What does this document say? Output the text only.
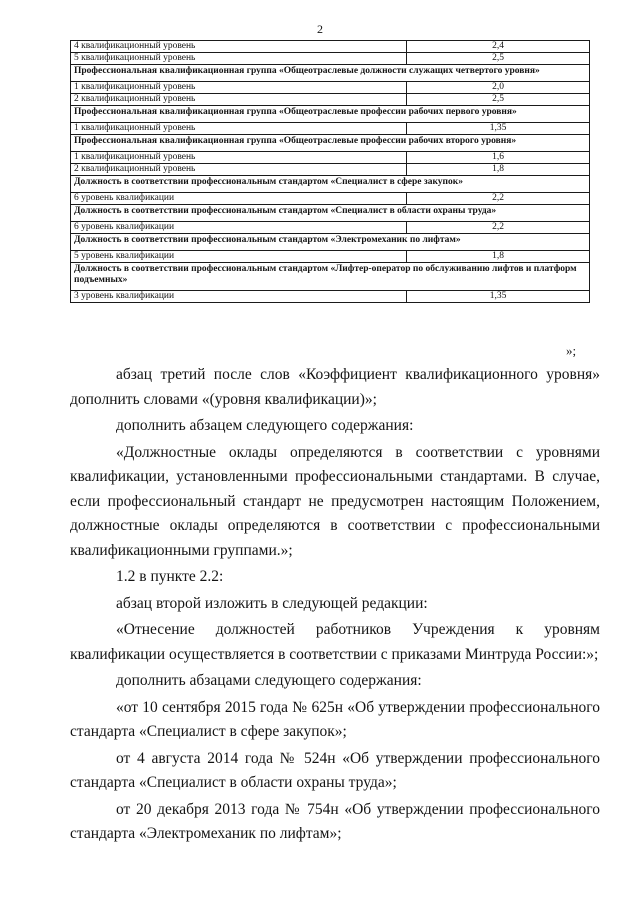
2
4 квалификационный уровень	2,4
5 квалификационный уровень	2,5
Профессиональная квалификационная группа «Общеотраслевые должности служащих четвертого уровня»	
1 квалификационный уровень	2,0
2 квалификационный уровень	2,5
Профессиональная квалификационная группа «Общеотраслевые профессии рабочих первого уровня»	
1 квалификационный уровень	1,35
Профессиональная квалификационная группа «Общеотраслевые профессии рабочих второго уровня»	
1 квалификационный уровень	1,6
2 квалификационный уровень	1,8
Должность в соответствии профессиональным стандартом «Специалист в сфере закупок»	
6 уровень квалификации	2,2
Должность в соответствии профессиональным стандартом «Специалист в области охраны труда»	
6 уровень квалификации	2,2
Должность в соответствии профессиональным стандартом «Электромеханик по лифтам»	
5 уровень квалификации	1,8
Должность в соответствии профессиональным стандартом «Лифтер-оператор по обслуживанию лифтов и платформ подъемных»	
3 уровень квалификации	1,35
»;

абзац третий после слов «Коэффициент квалификационного уровня» дополнить словами «(уровня квалификации)»;

дополнить абзацем следующего содержания:

«Должностные оклады определяются в соответствии с уровнями квалификации, установленными профессиональными стандартами. В случае, если профессиональный стандарт не предусмотрен настоящим Положением, должностные оклады определяются в соответствии с профессиональными квалификационными группами.»;

1.2 в пункте 2.2:

абзац второй изложить в следующей редакции:

«Отнесение должностей работников Учреждения к уровням квалификации осуществляется в соответствии с приказами Минтруда России:»;

дополнить абзацами следующего содержания:

«от 10 сентября 2015 года № 625н «Об утверждении профессионального стандарта «Специалист в сфере закупок»;

от 4 августа 2014 года № 524н «Об утверждении профессионального стандарта «Специалист в области охраны труда»;

от 20 декабря 2013 года № 754н «Об утверждении профессионального стандарта «Электромеханик по лифтам»;
